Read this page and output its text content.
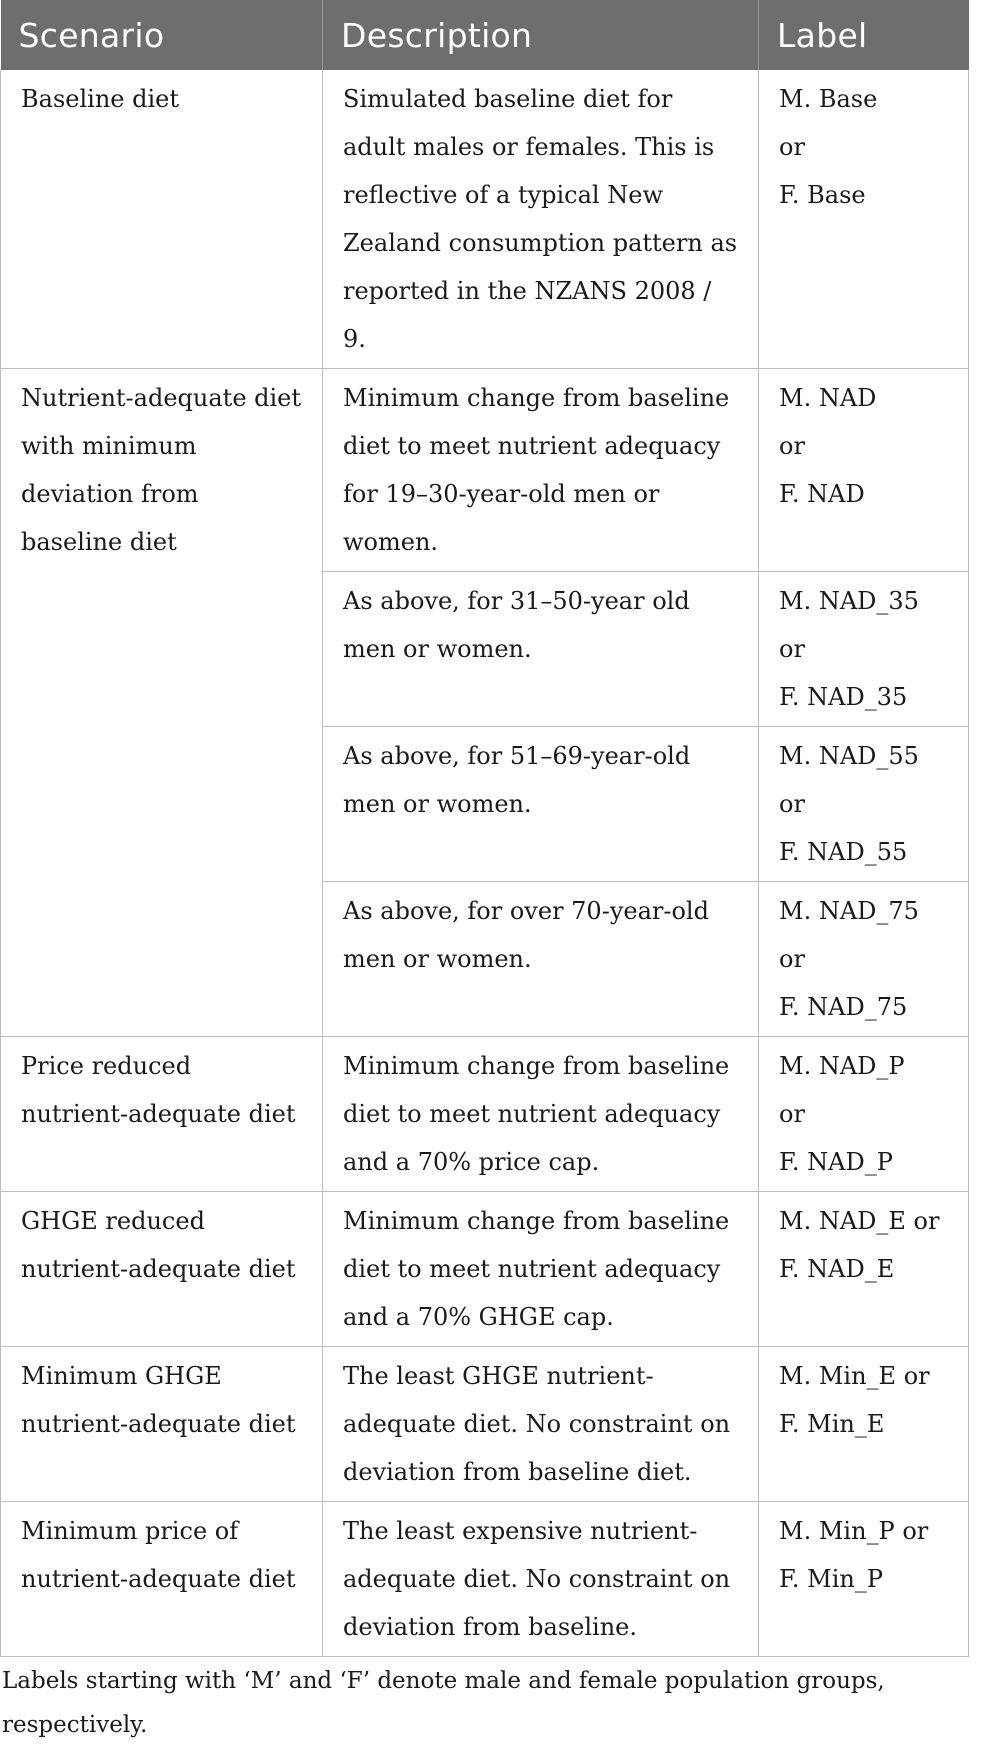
Scenario	Description	Label
Baseline diet	Simulated baseline diet for adult males or females. This is reflective of a typical New Zealand consumption pattern as reported in the NZANS 2008 / 9.	M. Base
or
F. Base

Nutrient-adequate diet with minimum deviation from baseline diet	Minimum change from baseline diet to meet nutrient adequacy for 19–30-year-old men or women.	M. NAD
or
F. NAD

	As above, for 31–50-year old men or women.	M. NAD_35
or
F. NAD_35

	As above, for 51–69-year-old men or women.	M. NAD_55
or
F. NAD_55

	As above, for over 70-year-old men or women.	M. NAD_75 or
F. NAD_75

Price reduced nutrient-adequate diet	Minimum change from baseline diet to meet nutrient adequacy and a 70% price cap.	M. NAD_P
or
F. NAD_P

GHGE reduced nutrient-adequate diet	Minimum change from baseline diet to meet nutrient adequacy and a 70% GHGE cap.	M. NAD_E or
F. NAD_E

Minimum GHGE nutrient-adequate diet	The least GHGE nutrient-adequate diet. No constraint on deviation from baseline diet.	M. Min_E or
F. Min_E

Minimum price of nutrient-adequate diet	The least expensive nutrient-adequate diet. No constraint on deviation from baseline.	M. Min_P or
F. Min_P
Labels starting with ‘M’ and ‘F’ denote male and female population groups, respectively.
